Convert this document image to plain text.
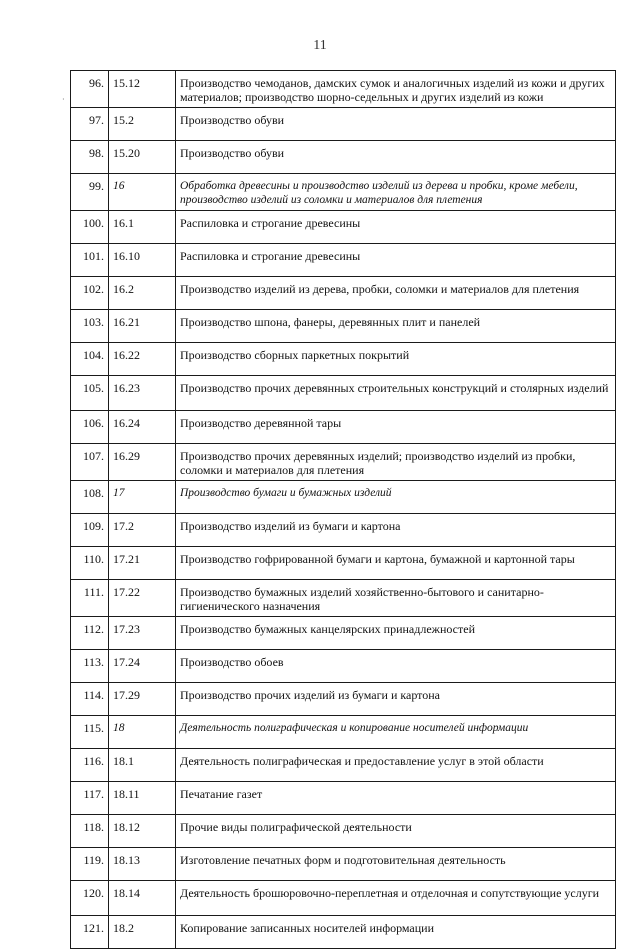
11
·
96.	15.12	Производство чемоданов, дамских сумок и аналогичных изделий из кожи и других материалов; производство шорно-седельных и других изделий из кожи
97.	15.2	Производство обуви
98.	15.20	Производство обуви
99.	16	Обработка древесины и производство изделий из дерева и пробки, кроме мебели, производство изделий из соломки и материалов для плетения
100.	16.1	Распиловка и строгание древесины
101.	16.10	Распиловка и строгание древесины
102.	16.2	Производство изделий из дерева, пробки, соломки и материалов для плетения
103.	16.21	Производство шпона, фанеры, деревянных плит и панелей
104.	16.22	Производство сборных паркетных покрытий
105.	16.23	Производство прочих деревянных строительных конструкций и столярных изделий
106.	16.24	Производство деревянной тары
107.	16.29	Производство прочих деревянных изделий; производство изделий из пробки, соломки и материалов для плетения
108.	17	Производство бумаги и бумажных изделий
109.	17.2	Производство изделий из бумаги и картона
110.	17.21	Производство гофрированной бумаги и картона, бумажной и картонной тары
111.	17.22	Производство бумажных изделий хозяйственно-бытового и санитарно-гигиенического назначения
112.	17.23	Производство бумажных канцелярских принадлежностей
113.	17.24	Производство обоев
114.	17.29	Производство прочих изделий из бумаги и картона
115.	18	Деятельность полиграфическая и копирование носителей информации
116.	18.1	Деятельность полиграфическая и предоставление услуг в этой области
117.	18.11	Печатание газет
118.	18.12	Прочие виды полиграфической деятельности
119.	18.13	Изготовление печатных форм и подготовительная деятельность
120.	18.14	Деятельность брошюровочно-переплетная и отделочная и сопутствующие услуги
121.	18.2	Копирование записанных носителей информации
